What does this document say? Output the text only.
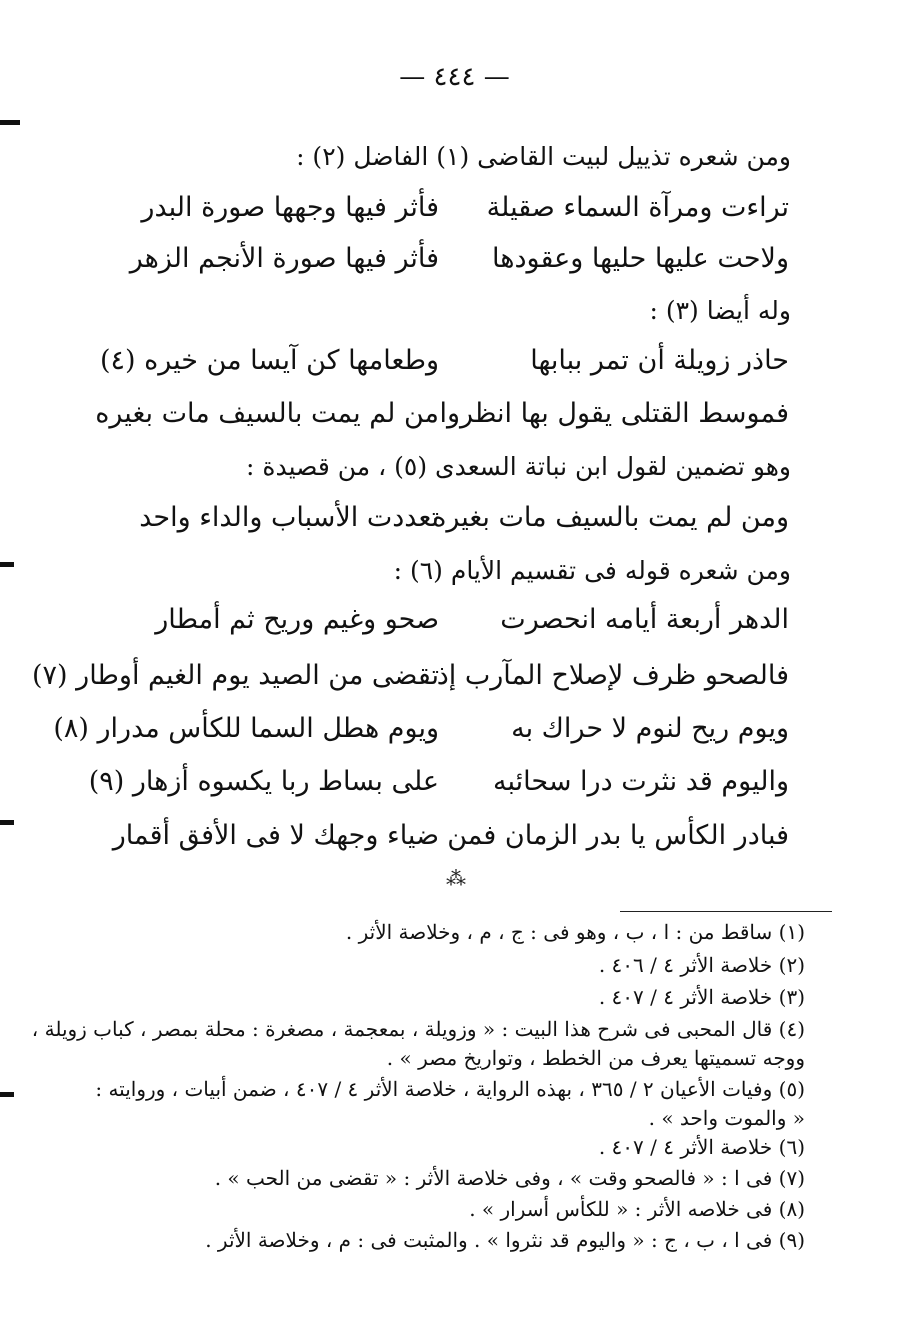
— ٤٤٤ —
ومن شعره تذييل لبيت القاضى (١) الفاضل (٢) :
تراءت ومرآة السماء صقيلة
فأثر فيها وجهها صورة البدر
ولاحت عليها حليها وعقودها
فأثر فيها صورة الأنجم الزهر
وله أيضا (٣) :
حاذر زويلة أن تمر ببابها
وطعامها كن آيسا من خيره (٤)
فموسط القتلى يقول بها انظروا
من لم يمت بالسيف مات بغيره
وهو تضمين لقول ابن نباتة السعدى (٥) ، من قصيدة :
ومن لم يمت بالسيف مات بغيره
تعددت الأسباب والداء واحد
ومن شعره قوله فى تقسيم الأيام (٦) :
الدهر أربعة أيامه انحصرت
صحو وغيم وريح ثم أمطار
فالصحو ظرف لإصلاح المآرب إذ
تقضى من الصيد يوم الغيم أوطار (٧)
ويوم ريح لنوم لا حراك به
ويوم هطل السما للكأس مدرار (٨)
واليوم قد نثرت درا سحائبه
على بساط ربا يكسوه أزهار (٩)
فبادر الكأس يا بدر الزمان فمن
ضياء وجهك لا فى الأفق أقمار
⁂
(١) ساقط من : ا ، ب ، وهو فى : ج ، م ، وخلاصة الأثر .
(٢) خلاصة الأثر ٤ / ٤٠٦ .
(٣) خلاصة الأثر ٤ / ٤٠٧ .
(٤) قال المحبى فى شرح هذا البيت : « وزويلة ، بمعجمة ، مصغرة : محلة بمصر ، كباب زويلة ،
ووجه تسميتها يعرف من الخطط ، وتواريخ مصر » .
(٥) وفيات الأعيان ٢ / ٣٦٥ ، بهذه الرواية ، خلاصة الأثر ٤ / ٤٠٧ ، ضمن أبيات ، وروايته :
« والموت واحد » .
(٦) خلاصة الأثر ٤ / ٤٠٧ .
(٧) فى ا : « فالصحو وقت » ، وفى خلاصة الأثر : « تقضى من الحب » .
(٨) فى خلاصه الأثر : « للكأس أسرار » .
(٩) فى ا ، ب ، ج : « واليوم قد نثروا » . والمثبت فى : م ، وخلاصة الأثر .
